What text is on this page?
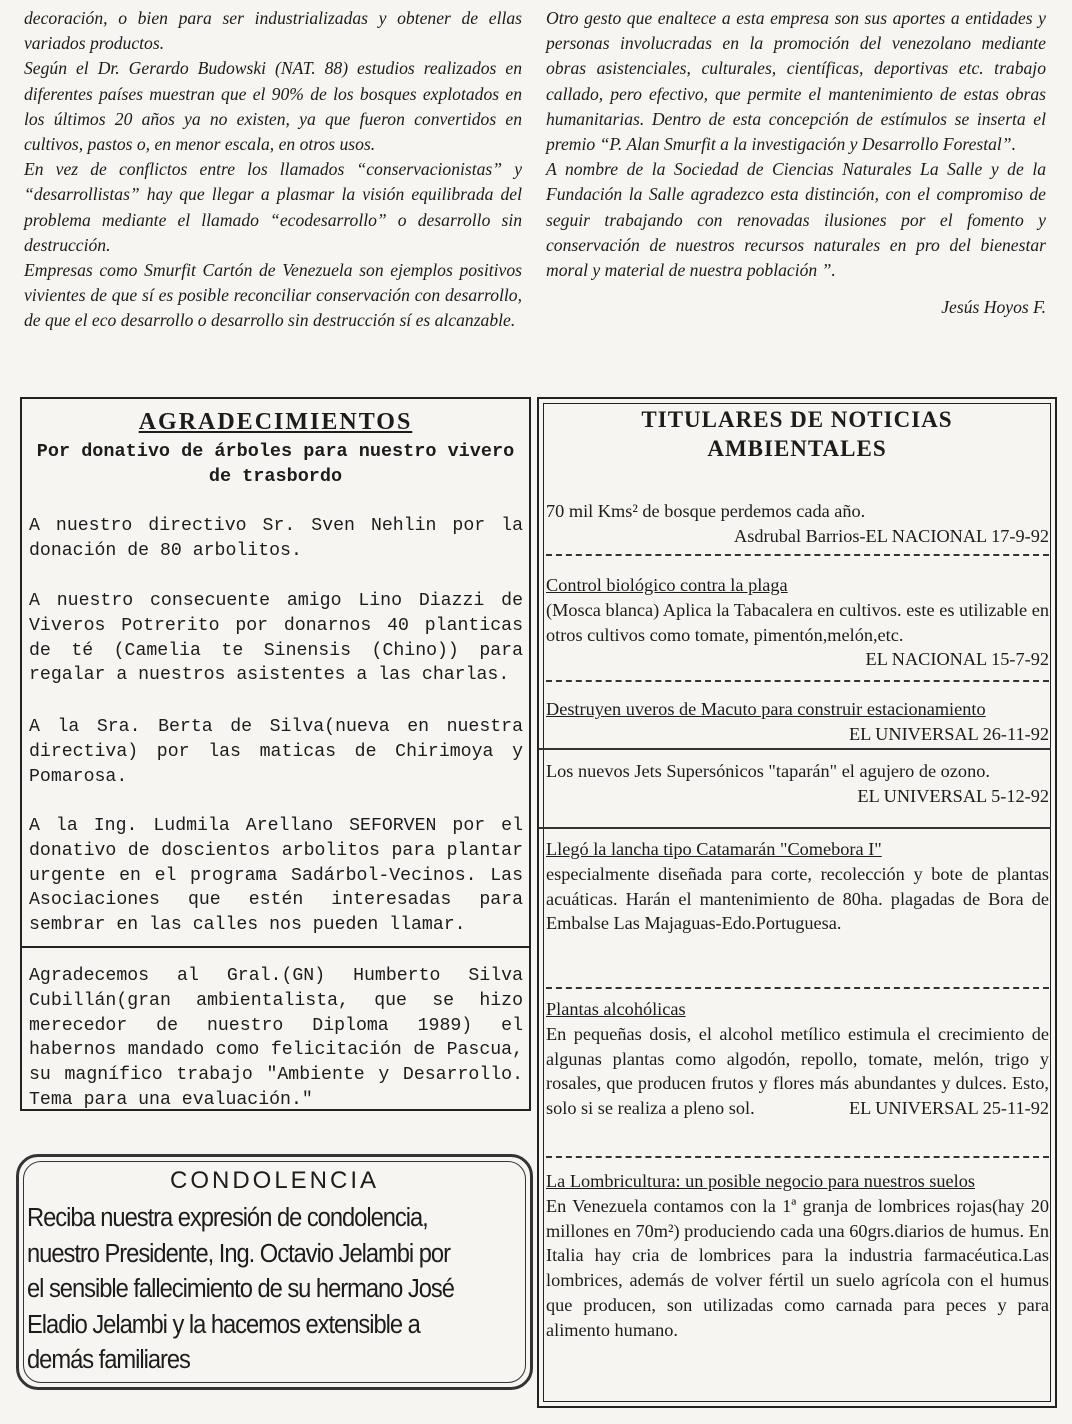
decoración, o bien para ser industrializadas y obtener de ellas variados productos.

Según el Dr. Gerardo Budowski (NAT. 88) estudios realizados en diferentes países muestran que el 90% de los bosques explotados en los últimos 20 años ya no existen, ya que fueron convertidos en cultivos, pastos o, en menor escala, en otros usos.

En vez de conflictos entre los llamados “conservacionistas” y “desarrollistas” hay que llegar a plasmar la visión equilibrada del problema mediante el llamado “ecodesarrollo” o desarrollo sin destrucción.

Empresas como Smurfit Cartón de Venezuela son ejemplos positivos vivientes de que sí es posible reconciliar conservación con desarrollo, de que el eco desarrollo o desarrollo sin destrucción sí es alcanzable.

Otro gesto que enaltece a esta empresa son sus aportes a entidades y personas involucradas en la promoción del venezolano mediante obras asistenciales, culturales, científicas, deportivas etc. trabajo callado, pero efectivo, que permite el mantenimiento de estas obras humanitarias. Dentro de esta concepción de estímulos se inserta el premio “P. Alan Smurfit a la investigación y Desarrollo Forestal”.

A nombre de la Sociedad de Ciencias Naturales La Salle y de la Fundación la Salle agradezco esta distinción, con el compromiso de seguir trabajando con renovadas ilusiones por el fomento y conservación de nuestros recursos naturales en pro del bienestar moral y material de nuestra población ”.

Jesús Hoyos F.

AGRADECIMIENTOS
Por donativo de árboles para nuestro vivero de trasbordo

A nuestro directivo Sr. Sven Nehlin por la donación de 80 arbolitos.

A nuestro consecuente amigo Lino Diazzi de Viveros Potrerito por donarnos 40 planticas de té (Camelia te Sinensis (Chino)) para regalar a nuestros asistentes a las charlas.

A la Sra. Berta de Silva(nueva en nuestra directiva) por las maticas de Chirimoya y Pomarosa.

A la Ing. Ludmila Arellano SEFORVEN por el donativo de doscientos arbolitos para plantar urgente en el programa Sadárbol-Vecinos. Las Asociaciones que estén interesadas para sembrar en las calles nos pueden llamar.

Agradecemos al Gral.(GN) Humberto Silva Cubillán(gran ambientalista, que se hizo merecedor de nuestro Diploma 1989) el habernos mandado como felicitación de Pascua, su magnífico trabajo "Ambiente y Desarrollo. Tema para una evaluación."

CONDOLENCIA
Reciba nuestra expresión de condolencia,
nuestro Presidente, Ing. Octavio Jelambi por
el sensible fallecimiento de su hermano José
Eladio Jelambi y la hacemos extensible a
demás familiares
TITULARES DE NOTICIAS
AMBIENTALES

70 mil Kms² de bosque perdemos cada año.

Asdrubal Barrios-EL NACIONAL 17-9-92

Control biológico contra la plaga

(Mosca blanca) Aplica la Tabacalera en cultivos. este es utilizable en otros cultivos como tomate, pimentón,melón,etc.
EL NACIONAL 15-7-92

Destruyen uveros de Macuto para construir estacionamiento
EL UNIVERSAL 26-11-92

Los nuevos Jets Supersónicos "taparán" el agujero de ozono.
EL UNIVERSAL 5-12-92

Llegó la lancha tipo Catamarán "Comebora I"

especialmente diseñada para corte, recolección y bote de plantas acuáticas. Harán el mantenimiento de 80ha. plagadas de Bora de Embalse Las Majaguas-Edo.Portuguesa.

Plantas alcohólicas

En pequeñas dosis, el alcohol metílico estimula el crecimiento de algunas plantas como algodón, repollo, tomate, melón, trigo y rosales, que producen frutos y flores más abundantes y dulces. Esto, solo si se realiza a pleno sol.	EL UNIVERSAL 25-11-92

La Lombricultura: un posible negocio para nuestros suelos

En Venezuela contamos con la 1ª granja de lombrices rojas(hay 20 millones en 70m²) produciendo cada una 60grs.diarios de humus. En Italia hay cria de lombrices para la industria farmacéutica.Las lombrices, además de volver fértil un suelo agrícola con el humus que producen, son utilizadas como carnada para peces y para alimento humano.
